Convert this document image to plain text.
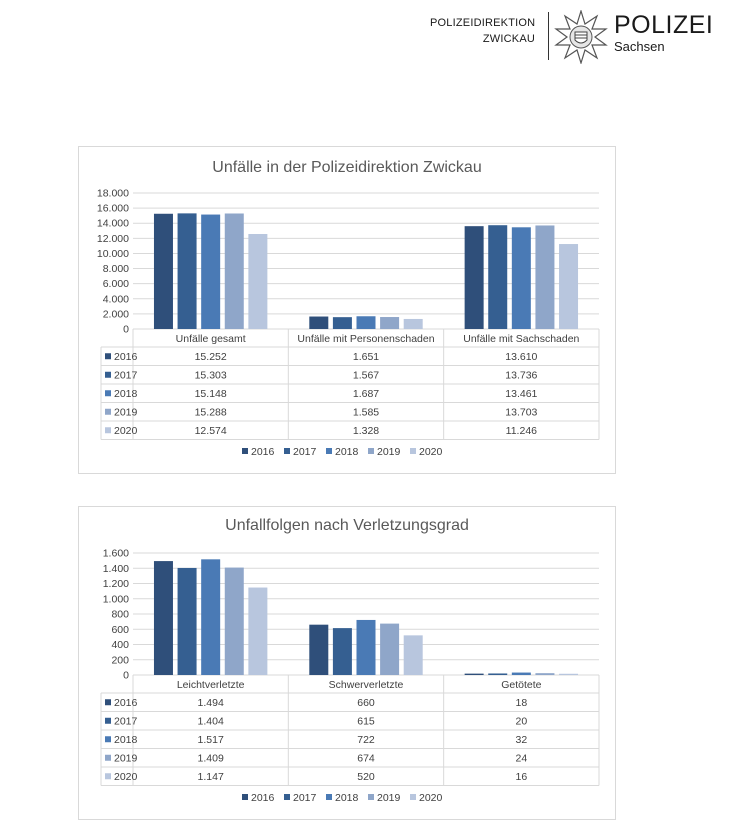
POLIZEIDIREKTION
ZWICKAU	POLIZEI
Sachsen
Unfälle in der Polizeidirektion Zwickau
0
2.000
4.000
6.000
8.000
10.000
12.000
14.000
16.000
18.000
Unfälle gesamt	Unfälle mit Personenschaden	Unfälle mit Sachschaden
2016	15.252	1.651	13.610
2017	15.303	1.567	13.736
2018	15.148	1.687	13.461
2019	15.288	1.585	13.703
2020	12.574	1.328	11.246
2016 2017 2018 2019 2020
Unfallfolgen nach Verletzungsgrad
0
200
400
600
800
1.000
1.200
1.400
1.600
Leichtverletzte	Schwerverletzte	Getötete
2016	1.494	660	18
2017	1.404	615	20
2018	1.517	722	32
2019	1.409	674	24
2020	1.147	520	16
2016 2017 2018 2019 2020
